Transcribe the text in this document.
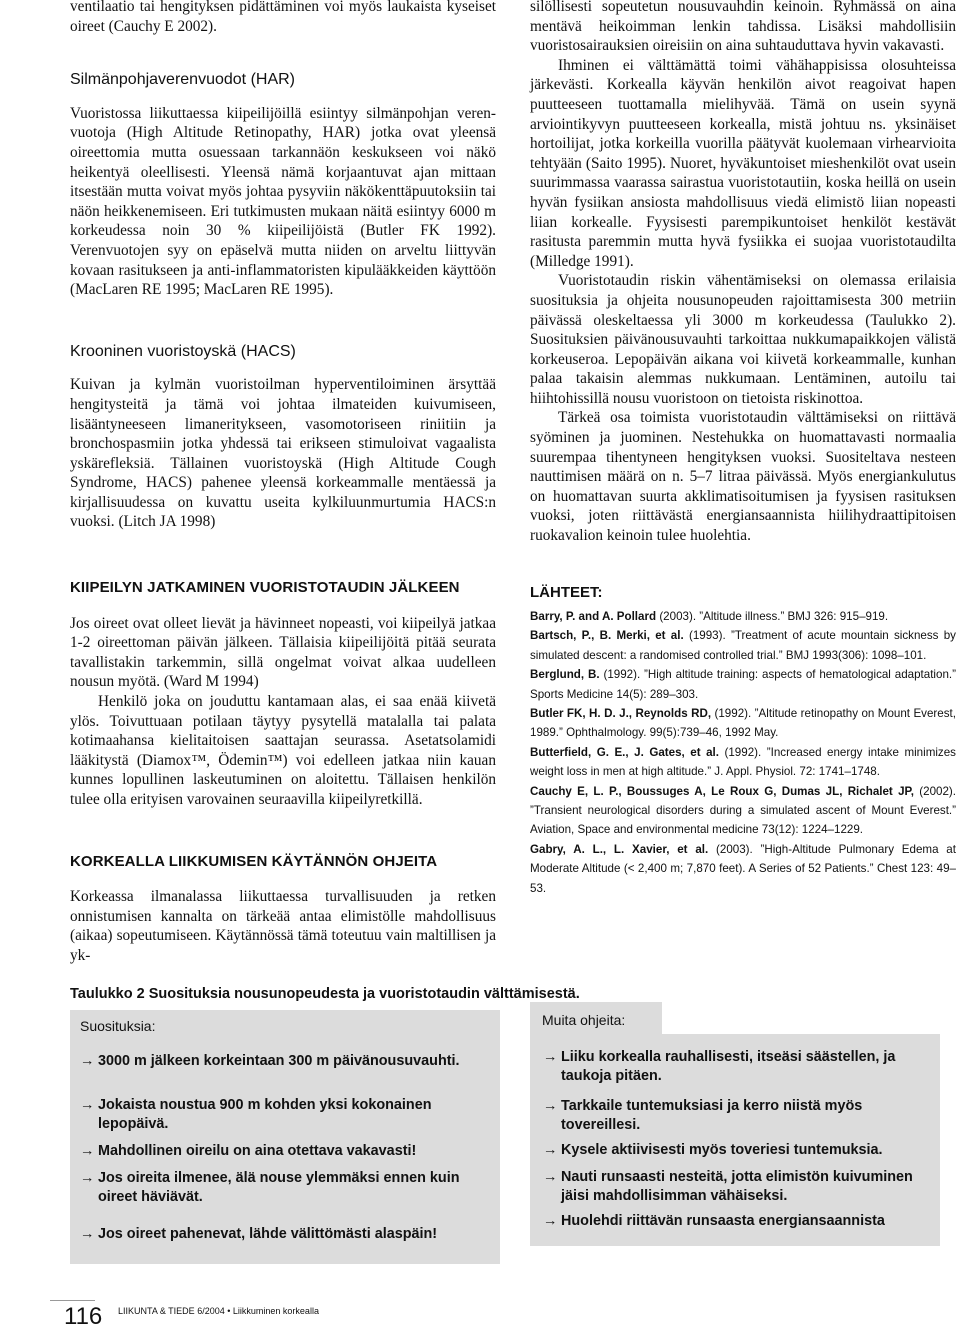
ventilaatio tai hengityksen pidättäminen voi myös laukaista kyseiset oireet (Cauchy E 2002).

Silmänpohjaverenvuodot (HAR)

Vuoristossa liikuttaessa kiipeilijöillä esiintyy silmänpohjan veren-vuotoja (High Altitude Retinopathy, HAR) jotka ovat yleensä oireettomia mutta osuessaan tarkannäön keskukseen voi näkö heikentyä oleellisesti. Yleensä nämä korjaantuvat ajan mittaan itsestään mutta voivat myös johtaa pysyviin näkökenttäpuutoksiin tai näön heikkenemiseen. Eri tutkimusten mukaan näitä esiintyy 6000 m korkeudessa noin 30 % kiipeilijöistä (Butler FK 1992). Verenvuotojen syy on epäselvä mutta niiden on arveltu liittyvän kovaan rasitukseen ja anti-inflammatoristen kipulääkkeiden käyttöön (MacLaren RE 1995; MacLaren RE 1995).

Krooninen vuoristoyskä (HACS)

Kuivan ja kylmän vuoristoilman hyperventiloiminen ärsyttää hengitysteitä ja tämä voi johtaa ilmateiden kuivumiseen, lisääntyneeseen limaneritykseen, vasomotoriseen riniitiin ja bronchospasmiin jotka yhdessä tai erikseen stimuloivat vagaalista yskärefleksiä. Tällainen vuoristoyskä (High Altitude Cough Syndrome, HACS) pahenee yleensä korkeammalle mentäessä ja kirjallisuudessa on kuvattu useita kylkiluunmurtumia HACS:n vuoksi. (Litch JA 1998)

KIIPEILYN JATKAMINEN VUORISTOTAUDIN JÄLKEEN

Jos oireet ovat olleet lievät ja hävinneet nopeasti, voi kiipeilyä jatkaa 1-2 oireettoman päivän jälkeen. Tällaisia kiipeilijöitä pitää seurata tavallistakin tarkemmin, sillä ongelmat voivat alkaa uudelleen nousun myötä. (Ward M 1994)

Henkilö joka on jouduttu kantamaan alas, ei saa enää kiivetä ylös. Toivuttuaan potilaan täytyy pysytellä matalalla tai palata kotimaahansa kielitaitoisen saattajan seurassa. Asetatsolamidi lääkitystä (Diamox™, Ödemin™) voi edelleen jatkaa niin kauan kunnes lopullinen laskeutuminen on aloitettu. Tällaisen henkilön tulee olla erityisen varovainen seuraavilla kiipeilyretkillä.

KORKEALLA LIIKKUMISEN KÄYTÄNNÖN OHJEITA

Korkeassa ilmanalassa liikuttaessa turvallisuuden ja retken onnistumisen kannalta on tärkeää antaa elimistölle mahdollisuus (aikaa) sopeutumiseen. Käytännössä tämä toteutuu vain maltillisen ja yk-

silöllisesti sopeutetun nousuvauhdin keinoin. Ryhmässä on aina mentävä heikoimman lenkin tahdissa. Lisäksi mahdollisiin vuoristosairauksien oireisiin on aina suhtauduttava hyvin vakavasti.

Ihminen ei välttämättä toimi vähähappisissa olosuhteissa järkevästi. Korkealla käyvän henkilön aivot reagoivat hapen puutteeseen tuottamalla mielihyvää. Tämä on usein syynä arviointikyvyn puutteeseen korkealla, mistä johtuu ns. yksinäiset hortoilijat, jotka korkeilla vuorilla päätyvät kuolemaan virhearvioita tehtyään (Saito 1995). Nuoret, hyväkuntoiset mieshenkilöt ovat usein suurimmassa vaarassa sairastua vuoristotautiin, koska heillä on usein hyvän fysiikan ansiosta mahdollisuus viedä elimistö liian nopeasti liian korkealle. Fyysisesti parempikuntoiset henkilöt kestävät rasitusta paremmin mutta hyvä fysiikka ei suojaa vuoristotaudilta (Milledge 1991).

Vuoristotaudin riskin vähentämiseksi on olemassa erilaisia suosituksia ja ohjeita nousunopeuden rajoittamisesta 300 metriin päivässä oleskeltaessa yli 3000 m korkeudessa (Taulukko 2). Suosituksien päivänousuvauhti tarkoittaa nukkumapaikkojen välistä korkeuseroa. Lepopäivän aikana voi kiivetä korkeammalle, kunhan palaa takaisin alemmas nukkumaan. Lentäminen, autoilu tai hiihtohissillä nousu vuoristoon on tietoista riskinottoa.

Tärkeä osa toimista vuoristotaudin välttämiseksi on riittävä syöminen ja juominen. Nestehukka on huomattavasti normaalia suurempaa tihentyneen hengityksen vuoksi. Suositeltava nesteen nauttimisen määrä on n. 5–7 litraa päivässä. Myös energiankulutus on huomattavan suurta akklimatisoitumisen ja fyysisen rasituksen vuoksi, joten riittävästä energiansaannista hiilihydraattipitoisen ruokavalion keinoin tulee huolehtia.

LÄHTEET:

Barry, P. and A. Pollard (2003). ”Altitude illness.” BMJ 326: 915–919.

Bartsch, P., B. Merki, et al. (1993). ”Treatment of acute mountain sickness by simulated descent: a randomised controlled trial.” BMJ 1993(306): 1098–101.

Berglund, B. (1992). ”High altitude training: aspects of hematological adaptation.” Sports Medicine 14(5): 289–303.

Butler FK, H. D. J., Reynolds RD, (1992). ”Altitude retinopathy on Mount Everest, 1989.” Ophthalmology. 99(5):739–46, 1992 May.

Butterfield, G. E., J. Gates, et al. (1992). ”Increased energy intake minimizes weight loss in men at high altitude.” J. Appl. Physiol. 72: 1741–1748.

Cauchy E, L. P., Boussuges A, Le Roux G, Dumas JL, Richalet JP, (2002). ”Transient neurological disorders during a simulated ascent of Mount Everest.” Aviation, Space and environmental medicine 73(12): 1224–1229.

Gabry, A. L., L. Xavier, et al. (2003). ”High-Altitude Pulmonary Edema at Moderate Altitude (< 2,400 m; 7,870 feet). A Series of 52 Patients.” Chest 123: 49–53.

Taulukko 2 Suosituksia nousunopeudesta ja vuoristotaudin välttämisestä.
Suosituksia:	Muita ohjeita:
→ 3000 m jälkeen korkeintaan 300 m päivänousuvauhti.
→ Jokaista noustua 900 m kohden yksi kokonainen lepopäivä.
→ Mahdollinen oireilu on aina otettava vakavasti!
→ Jos oireita ilmenee, älä nouse ylemmäksi ennen kuin oireet häviävät.
→ Jos oireet pahenevat, lähde välittömästi alaspäin!
→ Liiku korkealla rauhallisesti, itseäsi säästellen, ja taukoja pitäen.
→ Tarkkaile tuntemuksiasi ja kerro niistä myös tovereillesi.
→ Kysele aktiivisesti myös toveriesi tuntemuksia.
→ Nauti runsaasti nesteitä, jotta elimistön kuivuminen jäisi mahdollisimman vähäiseksi.
→ Huolehdi riittävän runsaasta energiansaannista
116 LIIKUNTA & TIEDE 6/2004 • Liikkuminen korkealla
